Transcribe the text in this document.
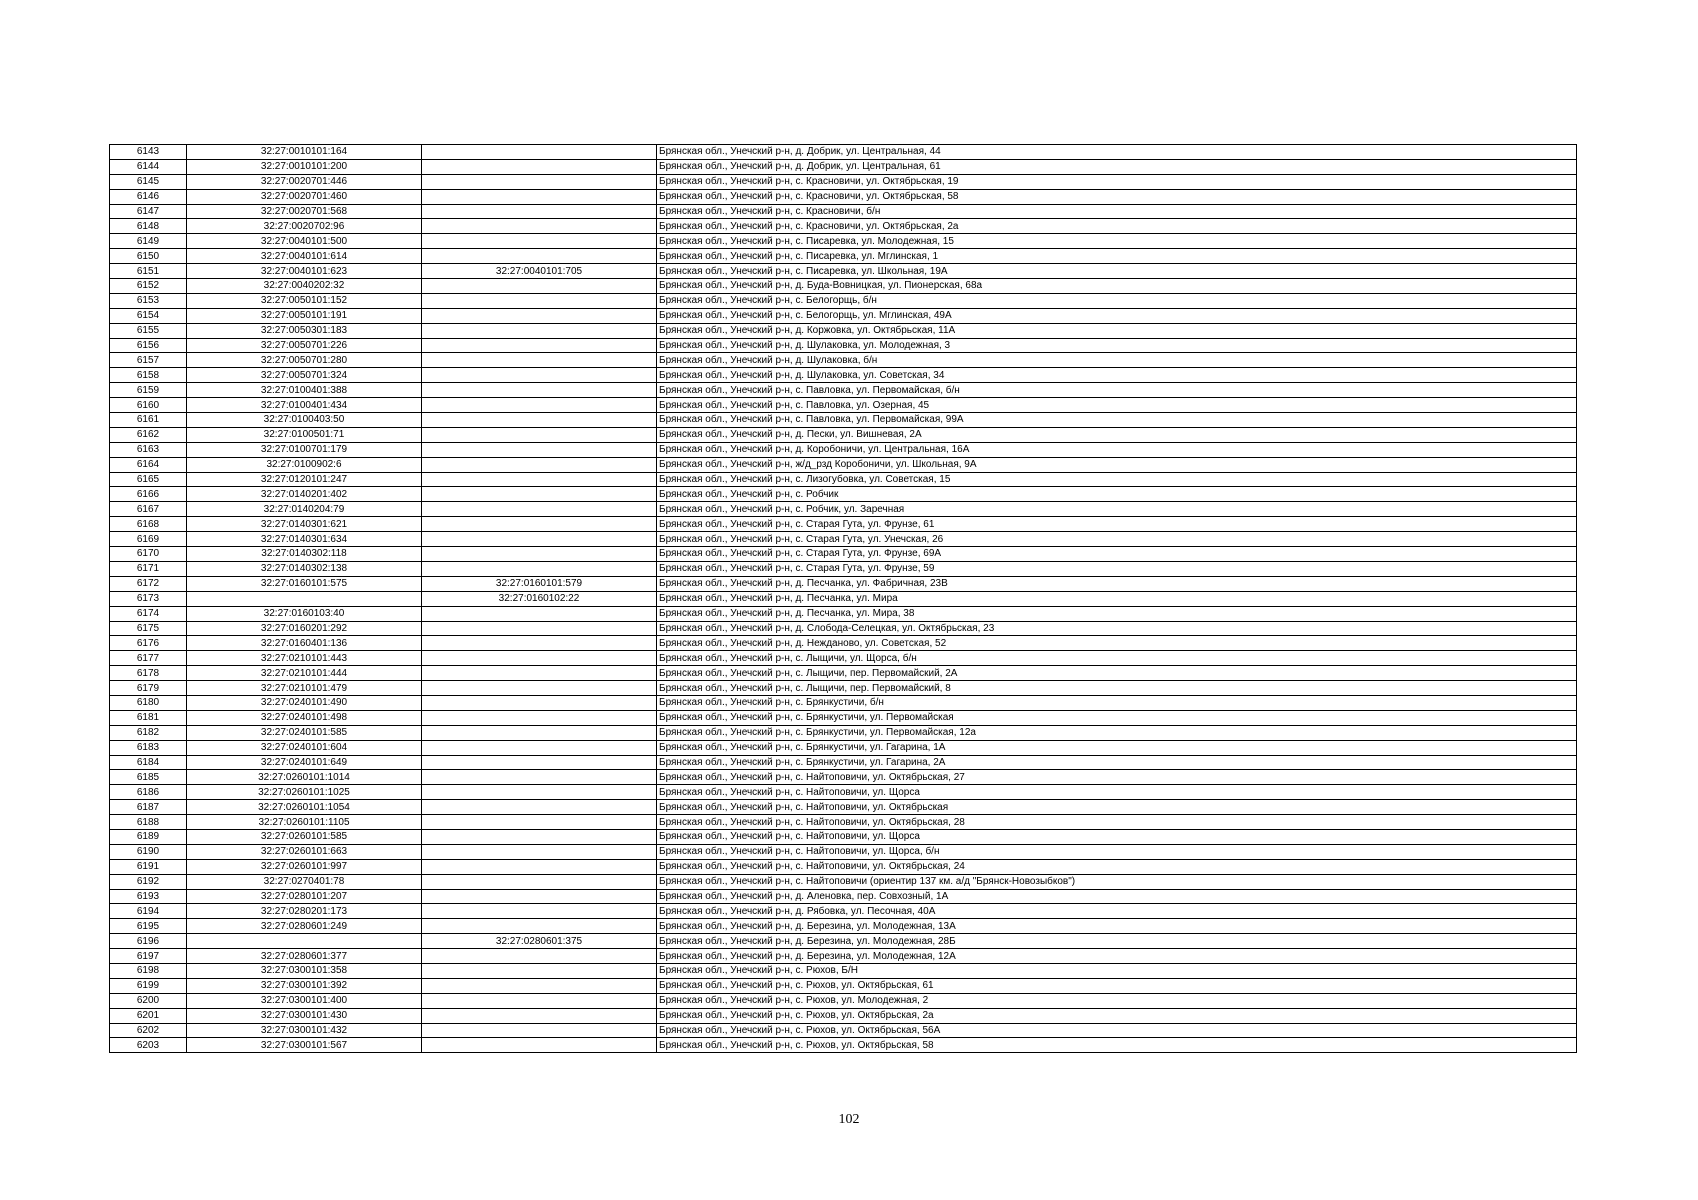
6143	32:27:0010101:164		Брянская обл., Унечский р-н, д. Добрик, ул. Центральная, 44
6144	32:27:0010101:200		Брянская обл., Унечский р-н, д. Добрик, ул. Центральная, 61
6145	32:27:0020701:446		Брянская обл., Унечский р-н, с. Красновичи, ул. Октябрьская, 19
6146	32:27:0020701:460		Брянская обл., Унечский р-н, с. Красновичи, ул. Октябрьская, 58
6147	32:27:0020701:568		Брянская обл., Унечский р-н, с. Красновичи, б/н
6148	32:27:0020702:96		Брянская обл., Унечский р-н, с. Красновичи, ул. Октябрьская, 2а
6149	32:27:0040101:500		Брянская обл., Унечский р-н, с. Писаревка, ул. Молодежная, 15
6150	32:27:0040101:614		Брянская обл., Унечский р-н, с. Писаревка, ул. Мглинская, 1
6151	32:27:0040101:623	32:27:0040101:705	Брянская обл., Унечский р-н, с. Писаревка, ул. Школьная, 19А
6152	32:27:0040202:32		Брянская обл., Унечский р-н, д. Буда-Вовницкая, ул. Пионерская, 68а
6153	32:27:0050101:152		Брянская обл., Унечский р-н, с. Белогорщь, б/н
6154	32:27:0050101:191		Брянская обл., Унечский р-н, с. Белогорщь, ул. Мглинская, 49А
6155	32:27:0050301:183		Брянская обл., Унечский р-н, д. Коржовка, ул. Октябрьская, 11А
6156	32:27:0050701:226		Брянская обл., Унечский р-н, д. Шулаковка, ул. Молодежная, 3
6157	32:27:0050701:280		Брянская обл., Унечский р-н, д. Шулаковка, б/н
6158	32:27:0050701:324		Брянская обл., Унечский р-н, д. Шулаковка, ул. Советская, 34
6159	32:27:0100401:388		Брянская обл., Унечский р-н, с. Павловка, ул. Первомайская, б/н
6160	32:27:0100401:434		Брянская обл., Унечский р-н, с. Павловка, ул. Озерная, 45
6161	32:27:0100403:50		Брянская обл., Унечский р-н, с. Павловка, ул. Первомайская, 99А
6162	32:27:0100501:71		Брянская обл., Унечский р-н, д. Пески, ул. Вишневая, 2А
6163	32:27:0100701:179		Брянская обл., Унечский р-н, д. Коробоничи, ул. Центральная, 16А
6164	32:27:0100902:6		Брянская обл., Унечский р-н, ж/д_рзд Коробоничи, ул. Школьная, 9А
6165	32:27:0120101:247		Брянская обл., Унечский р-н, с. Лизогубовка, ул. Советская, 15
6166	32:27:0140201:402		Брянская обл., Унечский р-н, с. Робчик
6167	32:27:0140204:79		Брянская обл., Унечский р-н, с. Робчик, ул. Заречная
6168	32:27:0140301:621		Брянская обл., Унечский р-н, с. Старая Гута, ул. Фрунзе, 61
6169	32:27:0140301:634		Брянская обл., Унечский р-н, с. Старая Гута, ул. Унечская, 26
6170	32:27:0140302:118		Брянская обл., Унечский р-н, с. Старая Гута, ул. Фрунзе, 69А
6171	32:27:0140302:138		Брянская обл., Унечский р-н, с. Старая Гута, ул. Фрунзе, 59
6172	32:27:0160101:575	32:27:0160101:579	Брянская обл., Унечский р-н, д. Песчанка, ул. Фабричная, 23В
6173		32:27:0160102:22	Брянская обл., Унечский р-н, д. Песчанка, ул. Мира
6174	32:27:0160103:40		Брянская обл., Унечский р-н, д. Песчанка, ул. Мира, 38
6175	32:27:0160201:292		Брянская обл., Унечский р-н, д. Слобода-Селецкая, ул. Октябрьская, 23
6176	32:27:0160401:136		Брянская обл., Унечский р-н, д. Нежданово, ул. Советская, 52
6177	32:27:0210101:443		Брянская обл., Унечский р-н, с. Лыщичи, ул. Щорса, б/н
6178	32:27:0210101:444		Брянская обл., Унечский р-н, с. Лыщичи, пер. Первомайский, 2А
6179	32:27:0210101:479		Брянская обл., Унечский р-н, с. Лыщичи, пер. Первомайский, 8
6180	32:27:0240101:490		Брянская обл., Унечский р-н, с. Брянкустичи, б/н
6181	32:27:0240101:498		Брянская обл., Унечский р-н, с. Брянкустичи, ул. Первомайская
6182	32:27:0240101:585		Брянская обл., Унечский р-н, с. Брянкустичи, ул. Первомайская, 12а
6183	32:27:0240101:604		Брянская обл., Унечский р-н, с. Брянкустичи, ул. Гагарина, 1А
6184	32:27:0240101:649		Брянская обл., Унечский р-н, с. Брянкустичи, ул. Гагарина, 2А
6185	32:27:0260101:1014		Брянская обл., Унечский р-н, с. Найтоповичи, ул. Октябрьская, 27
6186	32:27:0260101:1025		Брянская обл., Унечский р-н, с. Найтоповичи, ул. Щорса
6187	32:27:0260101:1054		Брянская обл., Унечский р-н, с. Найтоповичи, ул. Октябрьская
6188	32:27:0260101:1105		Брянская обл., Унечский р-н, с. Найтоповичи, ул. Октябрьская, 28
6189	32:27:0260101:585		Брянская обл., Унечский р-н, с. Найтоповичи, ул. Щорса
6190	32:27:0260101:663		Брянская обл., Унечский р-н, с. Найтоповичи, ул. Щорса, б/н
6191	32:27:0260101:997		Брянская обл., Унечский р-н, с. Найтоповичи, ул. Октябрьская, 24
6192	32:27:0270401:78		Брянская обл., Унечский р-н, с. Найтоповичи (ориентир 137 км. а/д "Брянск-Новозыбков")
6193	32:27:0280101:207		Брянская обл., Унечский р-н, д. Аленовка, пер. Совхозный, 1А
6194	32:27:0280201:173		Брянская обл., Унечский р-н, д. Рябовка, ул. Песочная, 40А
6195	32:27:0280601:249		Брянская обл., Унечский р-н, д. Березина, ул. Молодежная, 13А
6196		32:27:0280601:375	Брянская обл., Унечский р-н, д. Березина, ул. Молодежная, 28Б
6197	32:27:0280601:377		Брянская обл., Унечский р-н, д. Березина, ул. Молодежная, 12А
6198	32:27:0300101:358		Брянская обл., Унечский р-н, с. Рюхов, Б/Н
6199	32:27:0300101:392		Брянская обл., Унечский р-н, с. Рюхов, ул. Октябрьская, 61
6200	32:27:0300101:400		Брянская обл., Унечский р-н, с. Рюхов, ул. Молодежная, 2
6201	32:27:0300101:430		Брянская обл., Унечский р-н, с. Рюхов, ул. Октябрьская, 2а
6202	32:27:0300101:432		Брянская обл., Унечский р-н, с. Рюхов, ул. Октябрьская, 56А
6203	32:27:0300101:567		Брянская обл., Унечский р-н, с. Рюхов, ул. Октябрьская, 58
102
